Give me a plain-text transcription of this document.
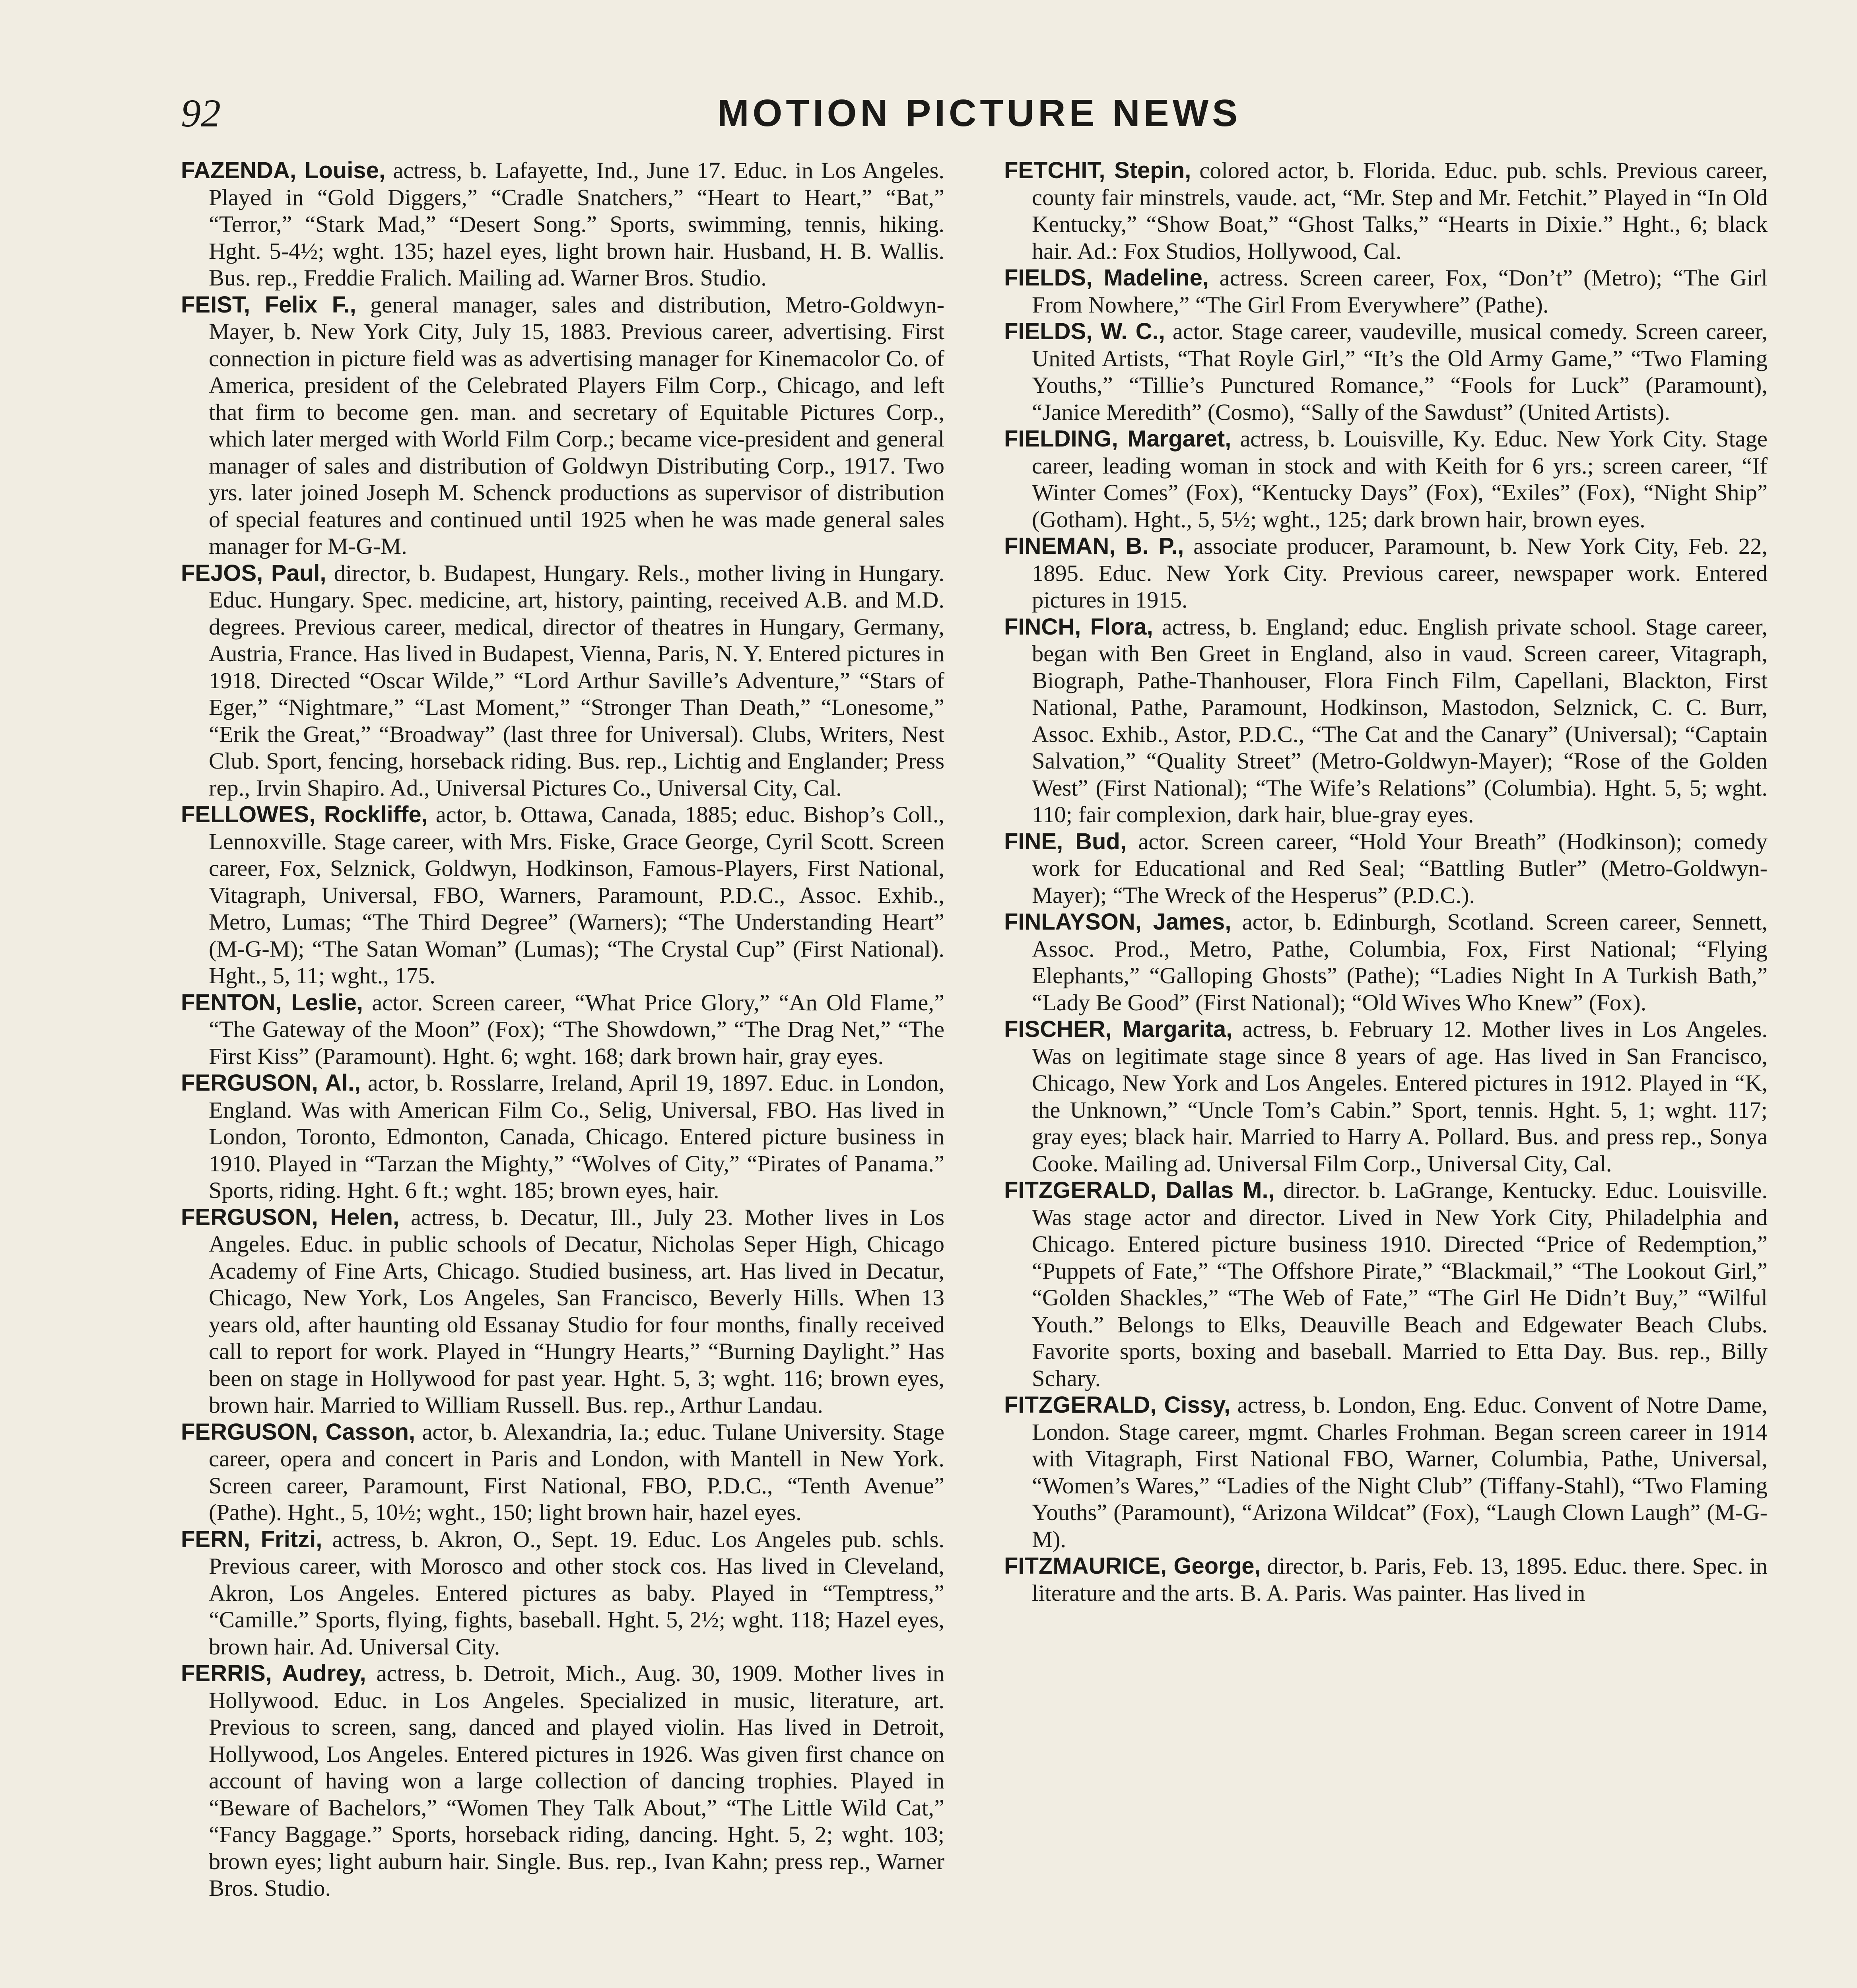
92	MOTION PICTURE NEWS

FAZENDA, Louise, actress, b. Lafayette, Ind., June 17. Educ. in Los Angeles. Played in “Gold Diggers,” “Cradle Snatchers,” “Heart to Heart,” “Bat,” “Terror,” “Stark Mad,” “Desert Song.” Sports, swimming, tennis, hiking. Hght. 5-4½; wght. 135; hazel eyes, light brown hair. Husband, H. B. Wallis. Bus. rep., Freddie Fralich. Mailing ad. Warner Bros. Studio.

FEIST, Felix F., general manager, sales and distribution, Metro-Goldwyn-Mayer, b. New York City, July 15, 1883. Previous career, advertising. First connection in picture field was as advertising manager for Kinemacolor Co. of America, president of the Celebrated Players Film Corp., Chicago, and left that firm to become gen. man. and secretary of Equitable Pictures Corp., which later merged with World Film Corp.; became vice-president and general manager of sales and distribution of Goldwyn Distributing Corp., 1917. Two yrs. later joined Joseph M. Schenck productions as supervisor of distribution of special features and continued until 1925 when he was made general sales manager for M-G-M.

FEJOS, Paul, director, b. Budapest, Hungary. Rels., mother living in Hungary. Educ. Hungary. Spec. medicine, art, history, painting, received A.B. and M.D. degrees. Previous career, medical, director of theatres in Hungary, Germany, Austria, France. Has lived in Budapest, Vienna, Paris, N. Y. Entered pictures in 1918. Directed “Oscar Wilde,” “Lord Arthur Saville’s Adventure,” “Stars of Eger,” “Nightmare,” “Last Moment,” “Stronger Than Death,” “Lonesome,” “Erik the Great,” “Broadway” (last three for Universal). Clubs, Writers, Nest Club. Sport, fencing, horseback riding. Bus. rep., Lichtig and Englander; Press rep., Irvin Shapiro. Ad., Universal Pictures Co., Universal City, Cal.

FELLOWES, Rockliffe, actor, b. Ottawa, Canada, 1885; educ. Bishop’s Coll., Lennoxville. Stage career, with Mrs. Fiske, Grace George, Cyril Scott. Screen career, Fox, Selznick, Goldwyn, Hodkinson, Famous-Players, First National, Vitagraph, Universal, FBO, Warners, Paramount, P.D.C., Assoc. Exhib., Metro, Lumas; “The Third Degree” (Warners); “The Understanding Heart” (M-G-M); “The Satan Woman” (Lumas); “The Crystal Cup” (First National). Hght., 5, 11; wght., 175.

FENTON, Leslie, actor. Screen career, “What Price Glory,” “An Old Flame,” “The Gateway of the Moon” (Fox); “The Showdown,” “The Drag Net,” “The First Kiss” (Paramount). Hght. 6; wght. 168; dark brown hair, gray eyes.

FERGUSON, Al., actor, b. Rosslarre, Ireland, April 19, 1897. Educ. in London, England. Was with American Film Co., Selig, Universal, FBO. Has lived in London, Toronto, Edmonton, Canada, Chicago. Entered picture business in 1910. Played in “Tarzan the Mighty,” “Wolves of City,” “Pirates of Panama.” Sports, riding. Hght. 6 ft.; wght. 185; brown eyes, hair.

FERGUSON, Helen, actress, b. Decatur, Ill., July 23. Mother lives in Los Angeles. Educ. in public schools of Decatur, Nicholas Seper High, Chicago Academy of Fine Arts, Chicago. Studied business, art. Has lived in Decatur, Chicago, New York, Los Angeles, San Francisco, Beverly Hills. When 13 years old, after haunting old Essanay Studio for four months, finally received call to report for work. Played in “Hungry Hearts,” “Burning Daylight.” Has been on stage in Hollywood for past year. Hght. 5, 3; wght. 116; brown eyes, brown hair. Married to William Russell. Bus. rep., Arthur Landau.

FERGUSON, Casson, actor, b. Alexandria, Ia.; educ. Tulane University. Stage career, opera and concert in Paris and London, with Mantell in New York. Screen career, Paramount, First National, FBO, P.D.C., “Tenth Avenue” (Pathe). Hght., 5, 10½; wght., 150; light brown hair, hazel eyes.

FERN, Fritzi, actress, b. Akron, O., Sept. 19. Educ. Los Angeles pub. schls. Previous career, with Morosco and other stock cos. Has lived in Cleveland, Akron, Los Angeles. Entered pictures as baby. Played in “Temptress,” “Camille.” Sports, flying, fights, baseball. Hght. 5, 2½; wght. 118; Hazel eyes, brown hair. Ad. Universal City.

FERRIS, Audrey, actress, b. Detroit, Mich., Aug. 30, 1909. Mother lives in Hollywood. Educ. in Los Angeles. Specialized in music, literature, art. Previous to screen, sang, danced and played violin. Has lived in Detroit, Hollywood, Los Angeles. Entered pictures in 1926. Was given first chance on account of having won a large collection of dancing trophies. Played in “Beware of Bachelors,” “Women They Talk About,” “The Little Wild Cat,” “Fancy Baggage.” Sports, horseback riding, dancing. Hght. 5, 2; wght. 103; brown eyes; light auburn hair. Single. Bus. rep., Ivan Kahn; press rep., Warner Bros. Studio.

FETCHIT, Stepin, colored actor, b. Florida. Educ. pub. schls. Previous career, county fair minstrels, vaude. act, “Mr. Step and Mr. Fetchit.” Played in “In Old Kentucky,” “Show Boat,” “Ghost Talks,” “Hearts in Dixie.” Hght., 6; black hair. Ad.: Fox Studios, Hollywood, Cal.

FIELDS, Madeline, actress. Screen career, Fox, “Don’t” (Metro); “The Girl From Nowhere,” “The Girl From Everywhere” (Pathe).

FIELDS, W. C., actor. Stage career, vaudeville, musical comedy. Screen career, United Artists, “That Royle Girl,” “It’s the Old Army Game,” “Two Flaming Youths,” “Tillie’s Punctured Romance,” “Fools for Luck” (Paramount), “Janice Meredith” (Cosmo), “Sally of the Sawdust” (United Artists).

FIELDING, Margaret, actress, b. Louisville, Ky. Educ. New York City. Stage career, leading woman in stock and with Keith for 6 yrs.; screen career, “If Winter Comes” (Fox), “Kentucky Days” (Fox), “Exiles” (Fox), “Night Ship” (Gotham). Hght., 5, 5½; wght., 125; dark brown hair, brown eyes.

FINEMAN, B. P., associate producer, Paramount, b. New York City, Feb. 22, 1895. Educ. New York City. Previous career, newspaper work. Entered pictures in 1915.

FINCH, Flora, actress, b. England; educ. English private school. Stage career, began with Ben Greet in England, also in vaud. Screen career, Vitagraph, Biograph, Pathe-Thanhouser, Flora Finch Film, Capellani, Blackton, First National, Pathe, Paramount, Hodkinson, Mastodon, Selznick, C. C. Burr, Assoc. Exhib., Astor, P.D.C., “The Cat and the Canary” (Universal); “Captain Salvation,” “Quality Street” (Metro-Goldwyn-Mayer); “Rose of the Golden West” (First National); “The Wife’s Relations” (Columbia). Hght. 5, 5; wght. 110; fair complexion, dark hair, blue-gray eyes.

FINE, Bud, actor. Screen career, “Hold Your Breath” (Hodkinson); comedy work for Educational and Red Seal; “Battling Butler” (Metro-Goldwyn-Mayer); “The Wreck of the Hesperus” (P.D.C.).

FINLAYSON, James, actor, b. Edinburgh, Scotland. Screen career, Sennett, Assoc. Prod., Metro, Pathe, Columbia, Fox, First National; “Flying Elephants,” “Galloping Ghosts” (Pathe); “Ladies Night In A Turkish Bath,” “Lady Be Good” (First National); “Old Wives Who Knew” (Fox).

FISCHER, Margarita, actress, b. February 12. Mother lives in Los Angeles. Was on legitimate stage since 8 years of age. Has lived in San Francisco, Chicago, New York and Los Angeles. Entered pictures in 1912. Played in “K, the Unknown,” “Uncle Tom’s Cabin.” Sport, tennis. Hght. 5, 1; wght. 117; gray eyes; black hair. Married to Harry A. Pollard. Bus. and press rep., Sonya Cooke. Mailing ad. Universal Film Corp., Universal City, Cal.

FITZGERALD, Dallas M., director. b. LaGrange, Kentucky. Educ. Louisville. Was stage actor and director. Lived in New York City, Philadelphia and Chicago. Entered picture business 1910. Directed “Price of Redemption,” “Puppets of Fate,” “The Offshore Pirate,” “Blackmail,” “The Lookout Girl,” “Golden Shackles,” “The Web of Fate,” “The Girl He Didn’t Buy,” “Wilful Youth.” Belongs to Elks, Deauville Beach and Edgewater Beach Clubs. Favorite sports, boxing and baseball. Married to Etta Day. Bus. rep., Billy Schary.

FITZGERALD, Cissy, actress, b. London, Eng. Educ. Convent of Notre Dame, London. Stage career, mgmt. Charles Frohman. Began screen career in 1914 with Vitagraph, First National FBO, Warner, Columbia, Pathe, Universal, “Women’s Wares,” “Ladies of the Night Club” (Tiffany-Stahl), “Two Flaming Youths” (Paramount), “Arizona Wildcat” (Fox), “Laugh Clown Laugh” (M-G-M).

FITZMAURICE, George, director, b. Paris, Feb. 13, 1895. Educ. there. Spec. in literature and the arts. B. A. Paris. Was painter. Has lived in
